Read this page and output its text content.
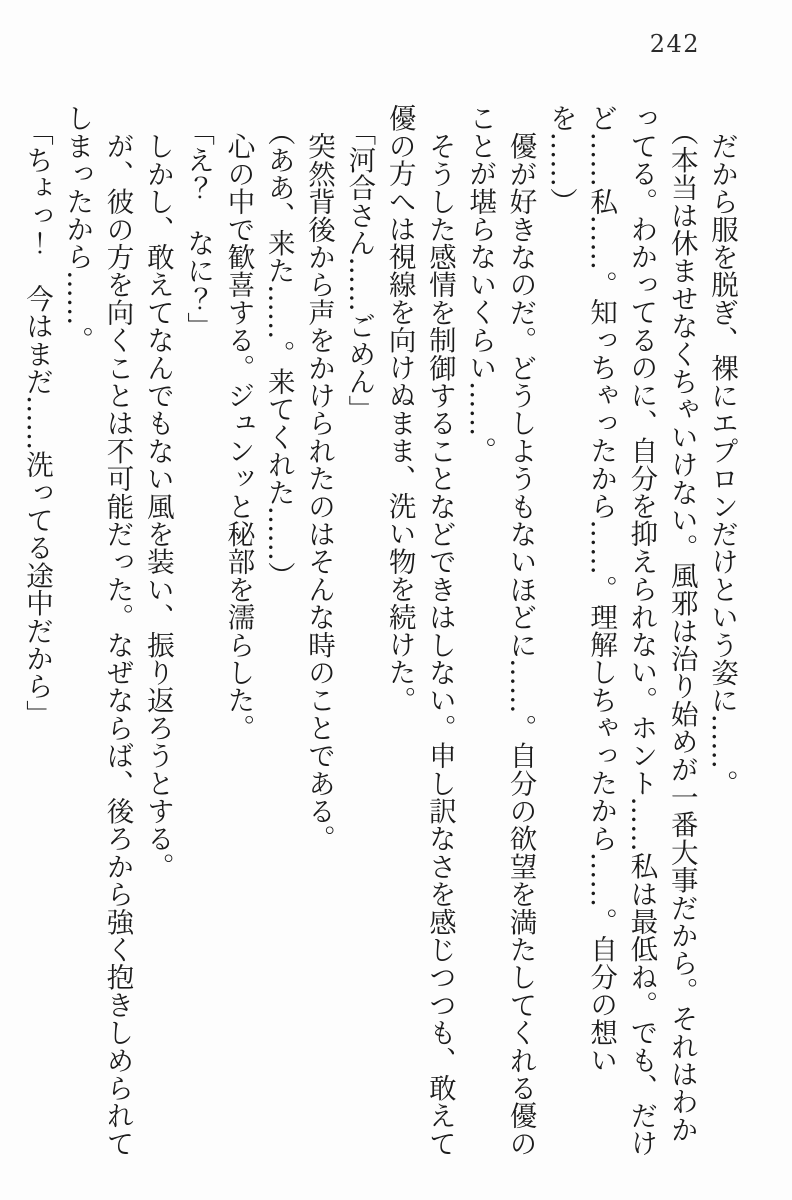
242

だから服を脱ぎ、裸にエプロンだけという姿に……。

（本当は休ませなくちゃいけない。風邪は治り始めが一番大事だから。それはわかってる。わかってるのに、自分を抑えられない。ホント……私は最低ね。でも、だけど……私……。知っちゃったから……。理解しちゃったから……。自分の想いを……）

優が好きなのだ。どうしようもないほどに……。自分の欲望を満たしてくれる優のことが堪らないくらい……。

そうした感情を制御することなどできはしない。申し訳なさを感じつつも、敢えて優の方へは視線を向けぬまま、洗い物を続けた。

「河合さん……ごめん」

突然背後から声をかけられたのはそんな時のことである。

（ああ、来た……。来てくれた……）

心の中で歓喜する。ジュンッと秘部を濡らした。

「え？　なに？」

しかし、敢えてなんでもない風を装い、振り返ろうとする。

が、彼の方を向くことは不可能だった。なぜならば、後ろから強く抱きしめられてしまったから……。

「ちょっ！　今はまだ……洗ってる途中だから」
